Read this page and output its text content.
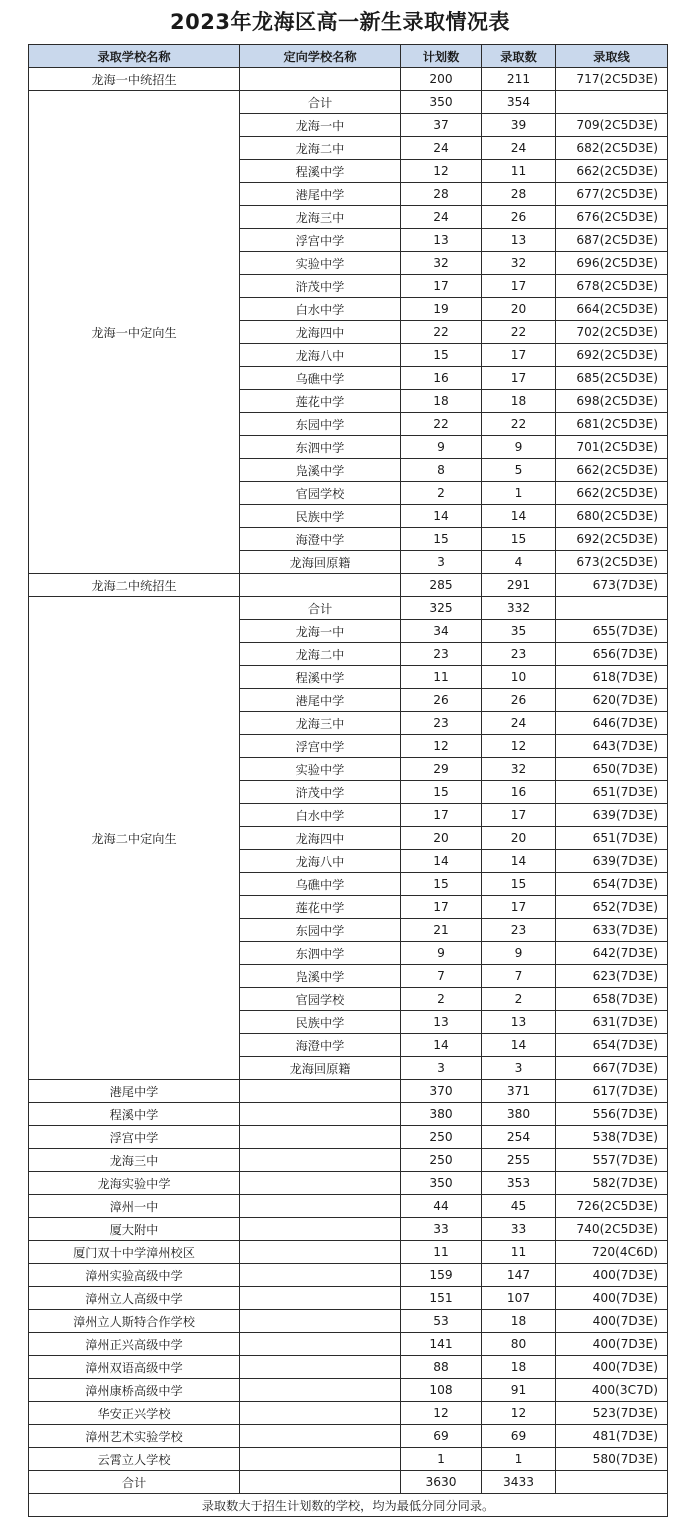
2023年龙海区高一新生录取情况表
录取学校名称	定向学校名称	计划数	录取数	录取线
龙海一中统招生		200	211	717(2C5D3E)
龙海一中定向生	合计	350	354	
	龙海一中	37	39	709(2C5D3E)
	龙海二中	24	24	682(2C5D3E)
	程溪中学	12	11	662(2C5D3E)
	港尾中学	28	28	677(2C5D3E)
	龙海三中	24	26	676(2C5D3E)
	浮宫中学	13	13	687(2C5D3E)
	实验中学	32	32	696(2C5D3E)
	浒茂中学	17	17	678(2C5D3E)
	白水中学	19	20	664(2C5D3E)
	龙海四中	22	22	702(2C5D3E)
	龙海八中	15	17	692(2C5D3E)
	乌礁中学	16	17	685(2C5D3E)
	莲花中学	18	18	698(2C5D3E)
	东园中学	22	22	681(2C5D3E)
	东泗中学	9	9	701(2C5D3E)
	凫溪中学	8	5	662(2C5D3E)
	官园学校	2	1	662(2C5D3E)
	民族中学	14	14	680(2C5D3E)
	海澄中学	15	15	692(2C5D3E)
	龙海回原籍	3	4	673(2C5D3E)
龙海二中统招生		285	291	673(7D3E)
龙海二中定向生	合计	325	332	
	龙海一中	34	35	655(7D3E)
	龙海二中	23	23	656(7D3E)
	程溪中学	11	10	618(7D3E)
	港尾中学	26	26	620(7D3E)
	龙海三中	23	24	646(7D3E)
	浮宫中学	12	12	643(7D3E)
	实验中学	29	32	650(7D3E)
	浒茂中学	15	16	651(7D3E)
	白水中学	17	17	639(7D3E)
	龙海四中	20	20	651(7D3E)
	龙海八中	14	14	639(7D3E)
	乌礁中学	15	15	654(7D3E)
	莲花中学	17	17	652(7D3E)
	东园中学	21	23	633(7D3E)
	东泗中学	9	9	642(7D3E)
	凫溪中学	7	7	623(7D3E)
	官园学校	2	2	658(7D3E)
	民族中学	13	13	631(7D3E)
	海澄中学	14	14	654(7D3E)
	龙海回原籍	3	3	667(7D3E)
港尾中学		370	371	617(7D3E)
程溪中学		380	380	556(7D3E)
浮宫中学		250	254	538(7D3E)
龙海三中		250	255	557(7D3E)
龙海实验中学		350	353	582(7D3E)
漳州一中		44	45	726(2C5D3E)
厦大附中		33	33	740(2C5D3E)
厦门双十中学漳州校区		11	11	720(4C6D)
漳州实验高级中学		159	147	400(7D3E)
漳州立人高级中学		151	107	400(7D3E)
漳州立人斯特合作学校		53	18	400(7D3E)
漳州正兴高级中学		141	80	400(7D3E)
漳州双语高级中学		88	18	400(7D3E)
漳州康桥高级中学		108	91	400(3C7D)
华安正兴学校		12	12	523(7D3E)
漳州艺术实验学校		69	69	481(7D3E)
云霄立人学校		1	1	580(7D3E)
合计		3630	3433	
录取数大于招生计划数的学校，均为最低分同分同录。				
